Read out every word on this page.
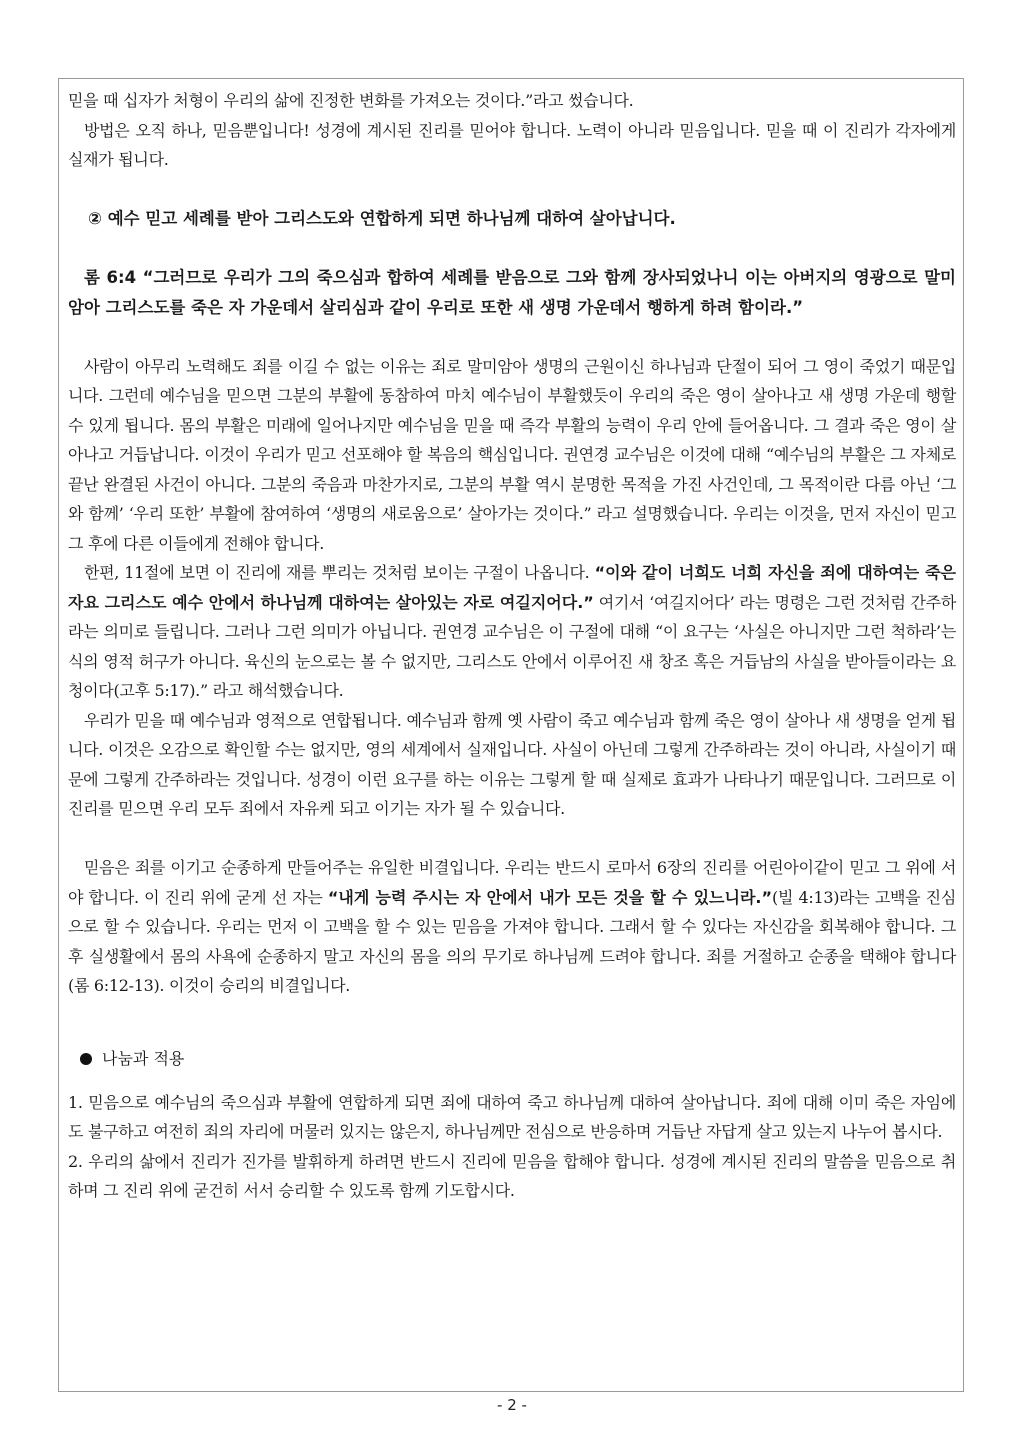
믿을 때 십자가 처형이 우리의 삶에 진정한 변화를 가져오는 것이다.”라고 썼습니다.

방법은 오직 하나, 믿음뿐입니다! 성경에 계시된 진리를 믿어야 합니다. 노력이 아니라 믿음입니다. 믿을 때 이 진리가 각자에게 실재가 됩니다.

② 예수 믿고 세례를 받아 그리스도와 연합하게 되면 하나님께 대하여 살아납니다.

롬 6:4 “그러므로 우리가 그의 죽으심과 합하여 세례를 받음으로 그와 함께 장사되었나니 이는 아버지의 영광으로 말미암아 그리스도를 죽은 자 가운데서 살리심과 같이 우리로 또한 새 생명 가운데서 행하게 하려 함이라.”

사람이 아무리 노력해도 죄를 이길 수 없는 이유는 죄로 말미암아 생명의 근원이신 하나님과 단절이 되어 그 영이 죽었기 때문입니다. 그런데 예수님을 믿으면 그분의 부활에 동참하여 마치 예수님이 부활했듯이 우리의 죽은 영이 살아나고 새 생명 가운데 행할 수 있게 됩니다. 몸의 부활은 미래에 일어나지만 예수님을 믿을 때 즉각 부활의 능력이 우리 안에 들어옵니다. 그 결과 죽은 영이 살아나고 거듭납니다. 이것이 우리가 믿고 선포해야 할 복음의 핵심입니다. 권연경 교수님은 이것에 대해 “예수님의 부활은 그 자체로 끝난 완결된 사건이 아니다. 그분의 죽음과 마찬가지로, 그분의 부활 역시 분명한 목적을 가진 사건인데, 그 목적이란 다름 아닌 ‘그와 함께’ ‘우리 또한’ 부활에 참여하여 ‘생명의 새로움으로’ 살아가는 것이다.” 라고 설명했습니다. 우리는 이것을, 먼저 자신이 믿고 그 후에 다른 이들에게 전해야 합니다.

한편, 11절에 보면 이 진리에 재를 뿌리는 것처럼 보이는 구절이 나옵니다. “이와 같이 너희도 너희 자신을 죄에 대하여는 죽은 자요 그리스도 예수 안에서 하나님께 대하여는 살아있는 자로 여길지어다.” 여기서 ‘여길지어다’ 라는 명령은 그런 것처럼 간주하라는 의미로 들립니다. 그러나 그런 의미가 아닙니다. 권연경 교수님은 이 구절에 대해 “이 요구는 ‘사실은 아니지만 그런 척하라’는 식의 영적 허구가 아니다. 육신의 눈으로는 볼 수 없지만, 그리스도 안에서 이루어진 새 창조 혹은 거듭남의 사실을 받아들이라는 요청이다(고후 5:17).” 라고 해석했습니다.

우리가 믿을 때 예수님과 영적으로 연합됩니다. 예수님과 함께 옛 사람이 죽고 예수님과 함께 죽은 영이 살아나 새 생명을 얻게 됩니다. 이것은 오감으로 확인할 수는 없지만, 영의 세계에서 실재입니다. 사실이 아닌데 그렇게 간주하라는 것이 아니라, 사실이기 때문에 그렇게 간주하라는 것입니다. 성경이 이런 요구를 하는 이유는 그렇게 할 때 실제로 효과가 나타나기 때문입니다. 그러므로 이 진리를 믿으면 우리 모두 죄에서 자유케 되고 이기는 자가 될 수 있습니다.

믿음은 죄를 이기고 순종하게 만들어주는 유일한 비결입니다. 우리는 반드시 로마서 6장의 진리를 어린아이같이 믿고 그 위에 서야 합니다. 이 진리 위에 굳게 선 자는 “내게 능력 주시는 자 안에서 내가 모든 것을 할 수 있느니라.”(빌 4:13)라는 고백을 진심으로 할 수 있습니다. 우리는 먼저 이 고백을 할 수 있는 믿음을 가져야 합니다. 그래서 할 수 있다는 자신감을 회복해야 합니다. 그 후 실생활에서 몸의 사욕에 순종하지 말고 자신의 몸을 의의 무기로 하나님께 드려야 합니다. 죄를 거절하고 순종을 택해야 합니다(롬 6:12-13). 이것이 승리의 비결입니다.

나눔과 적용

1. 믿음으로 예수님의 죽으심과 부활에 연합하게 되면 죄에 대하여 죽고 하나님께 대하여 살아납니다. 죄에 대해 이미 죽은 자임에도 불구하고 여전히 죄의 자리에 머물러 있지는 않은지, 하나님께만 전심으로 반응하며 거듭난 자답게 살고 있는지 나누어 봅시다.

2. 우리의 삶에서 진리가 진가를 발휘하게 하려면 반드시 진리에 믿음을 합해야 합니다. 성경에 계시된 진리의 말씀을 믿음으로 취하며 그 진리 위에 굳건히 서서 승리할 수 있도록 함께 기도합시다.

- 2 -
